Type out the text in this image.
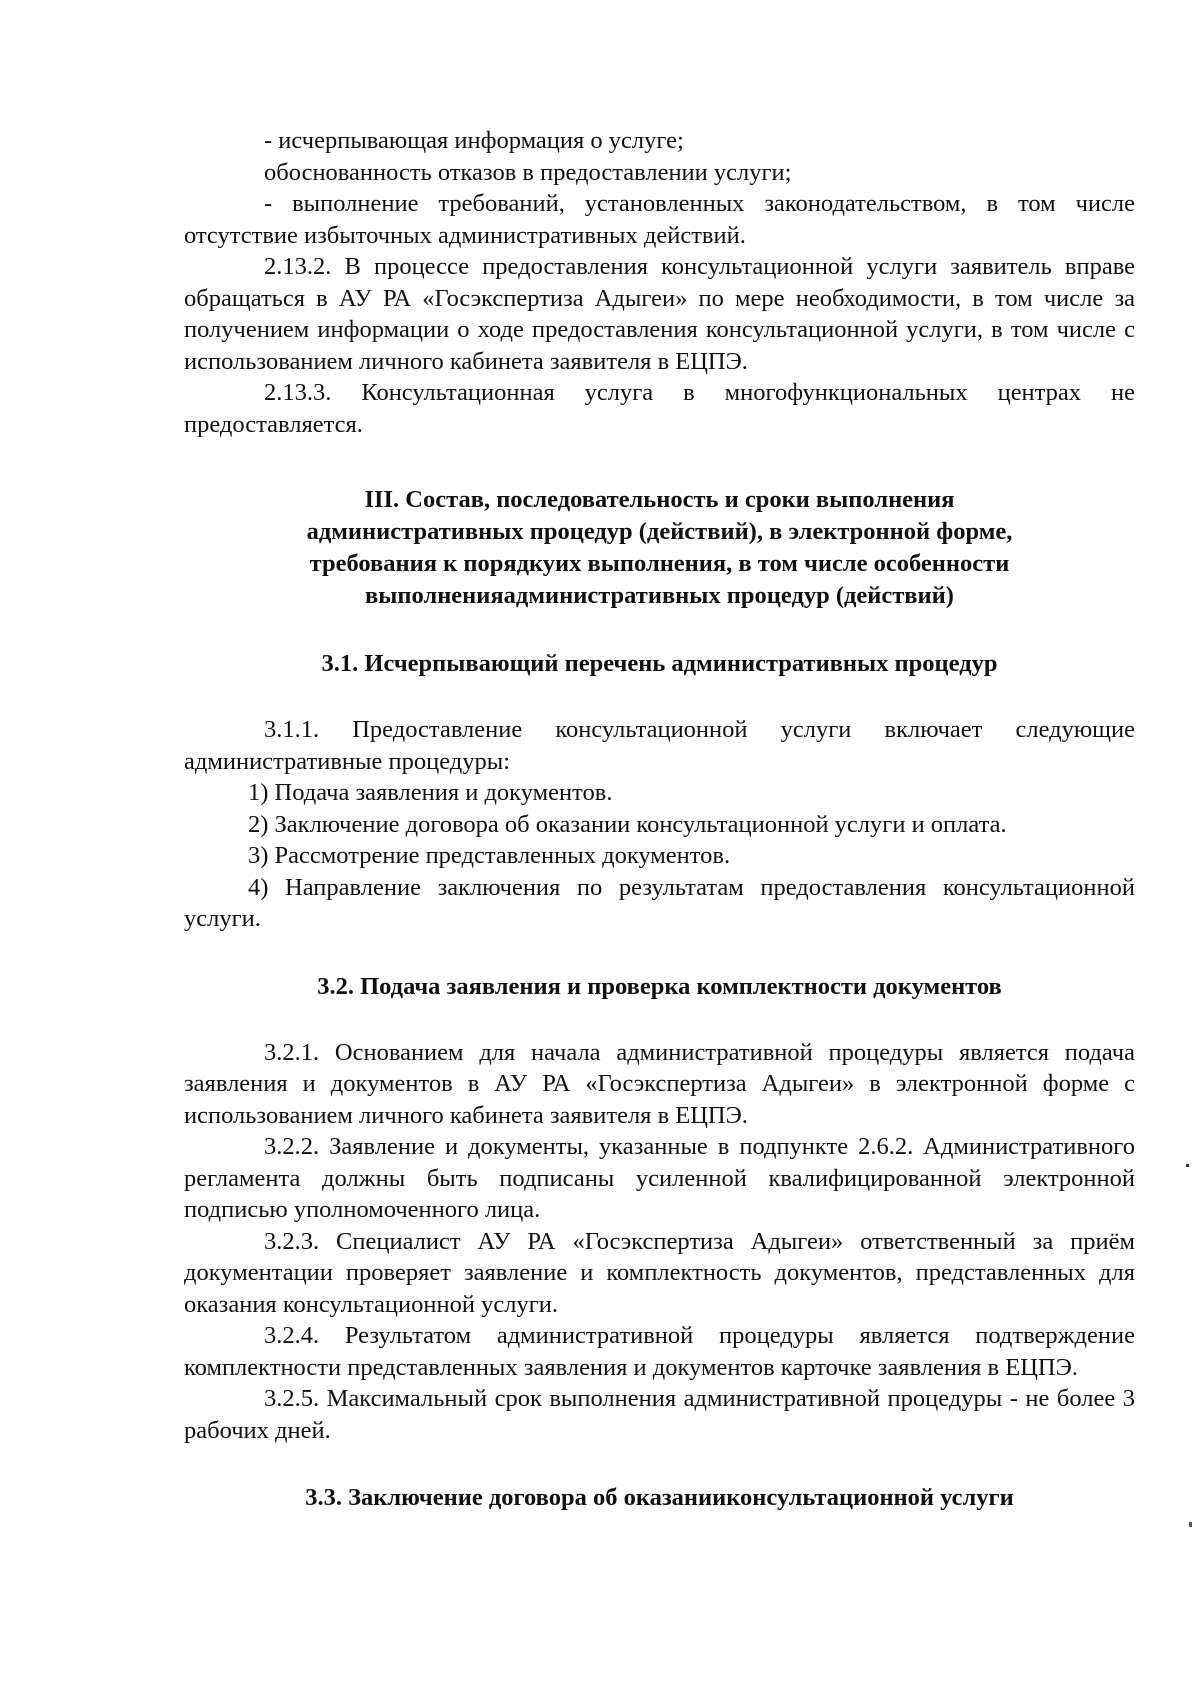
- исчерпывающая информация о услуге;

обоснованность отказов в предоставлении услуги;

- выполнение требований, установленных законодательством, в том числе отсутствие избыточных административных действий.

2.13.2. В процессе предоставления консультационной услуги заявитель вправе обращаться в АУ РА «Госэкспертиза Адыгеи» по мере необходимости, в том числе за получением информации о ходе предоставления консультационной услуги, в том числе с использованием личного кабинета заявителя в ЕЦПЭ.

2.13.3. Консультационная услуга в многофункциональных центрах не предоставляется.

III. Состав, последовательность и сроки выполнения

административных процедур (действий), в электронной форме,

требования к порядкуих выполнения, в том числе особенности

выполненияадминистративных процедур (действий)

3.1. Исчерпывающий перечень административных процедур

3.1.1. Предоставление консультационной услуги включает следующие административные процедуры:

1) Подача заявления и документов.

2) Заключение договора об оказании консультационной услуги и оплата.

3) Рассмотрение представленных документов.

4) Направление заключения по результатам предоставления консультационной услуги.

3.2. Подача заявления и проверка комплектности документов

3.2.1. Основанием для начала административной процедуры является подача заявления и документов в АУ РА «Госэкспертиза Адыгеи» в электронной форме с использованием личного кабинета заявителя в ЕЦПЭ.

3.2.2. Заявление и документы, указанные в подпункте 2.6.2. Административного регламента должны быть подписаны усиленной квалифицированной электронной подписью уполномоченного лица.

3.2.3. Специалист АУ РА «Госэкспертиза Адыгеи» ответственный за приём документации проверяет заявление и комплектность документов, представленных для оказания консультационной услуги.

3.2.4. Результатом административной процедуры является подтверждение комплектности представленных заявления и документов карточке заявления в ЕЦПЭ.

3.2.5. Максимальный срок выполнения административной процедуры - не более 3 рабочих дней.

3.3. Заключение договора об оказанииконсультационной услуги
